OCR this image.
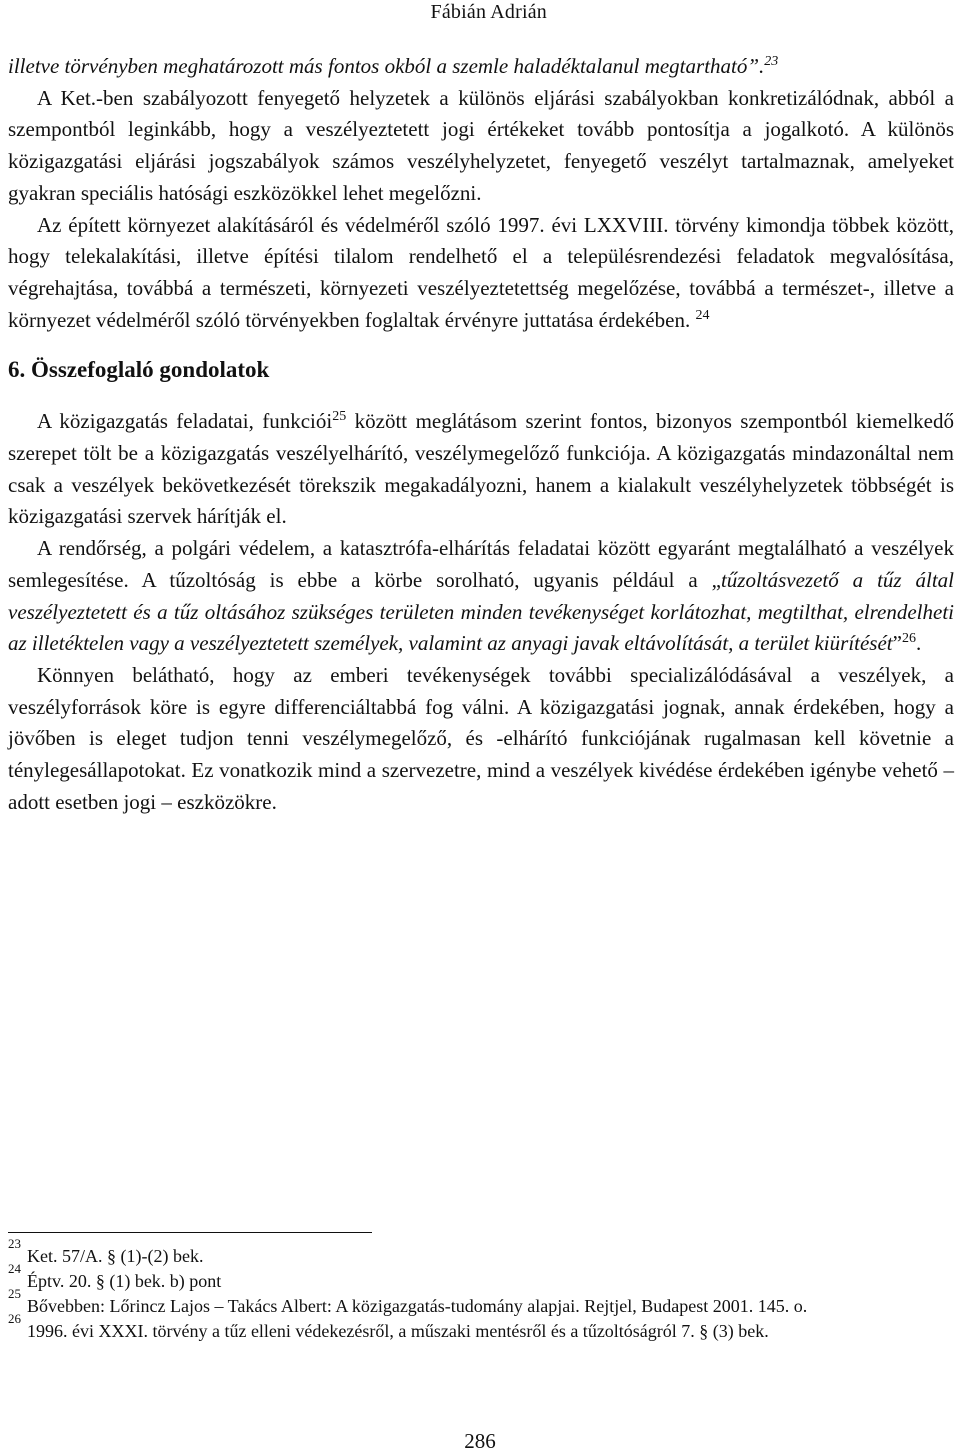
Fábián Adrián

illetve törvényben meghatározott más fontos okból a szemle haladéktalanul megtartható”.$^{23}$

A Ket.-ben szabályozott fenyegető helyzetek a különös eljárási szabályokban konkretizálódnak, abból a szempontból leginkább, hogy a veszélyeztetett jogi értékeket tovább pontosítja a jogalkotó. A különös közigazgatási eljárási jogszabályok számos veszélyhelyzetet, fenyegető veszélyt tartalmaznak, amelyeket gyakran speciális hatósági eszközökkel lehet megelőzni.

Az épített környezet alakításáról és védelméről szóló 1997. évi LXXVIII. törvény kimondja többek között, hogy telekalakítási, illetve építési tilalom rendelhető el a településrendezési feladatok megvalósítása, végrehajtása, továbbá a természeti, környezeti veszélyeztetettség megelőzése, továbbá a természet-, illetve a környezet védelméről szóló törvényekben foglaltak érvényre juttatása érdekében. $^{24}$

6. Összefoglaló gondolatok

A közigazgatás feladatai, funkciói$^{25}$ között meglátásom szerint fontos, bizonyos szempontból kiemelkedő szerepet tölt be a közigazgatás veszélyelhárító, veszélymegelőző funkciója. A közigazgatás mindazonáltal nem csak a veszélyek bekövetkezését törekszik megakadályozni, hanem a kialakult veszélyhelyzetek többségét is közigazgatási szervek hárítják el.

A rendőrség, a polgári védelem, a katasztrófa-elhárítás feladatai között egyaránt megtalálható a veszélyek semlegesítése. A tűzoltóság is ebbe a körbe sorolható, ugyanis például a „tűzoltásvezető a tűz által veszélyeztetett és a tűz oltásához szükséges területen minden tevékenységet korlátozhat, megtilthat, elrendelheti az illetéktelen vagy a veszélyeztetett személyek, valamint az anyagi javak eltávolítását, a terület kiürítését”$^{26}$.

Könnyen belátható, hogy az emberi tevékenységek további specializálódásával a veszélyek, a veszélyforrások köre is egyre differenciáltabbá fog válni. A közigazgatási jognak, annak érdekében, hogy a jövőben is eleget tudjon tenni veszélymegelőző, és -elhárító funkciójának rugalmasan kell követnie a ténylegesállapotokat. Ez vonatkozik mind a szervezetre, mind a veszélyek kivédése érdekében igénybe vehető – adott esetben jogi – eszközökre.

23
Ket. 57/A. § (1)-(2) bek.
24
Éptv. 20. § (1) bek. b) pont
25
Bővebben: Lőrincz Lajos – Takács Albert: A közigazgatás-tudomány alapjai. Rejtjel, Budapest 2001. 145. o.
26
1996. évi XXXI. törvény a tűz elleni védekezésről, a műszaki mentésről és a tűzoltóságról 7. § (3) bek.
286
